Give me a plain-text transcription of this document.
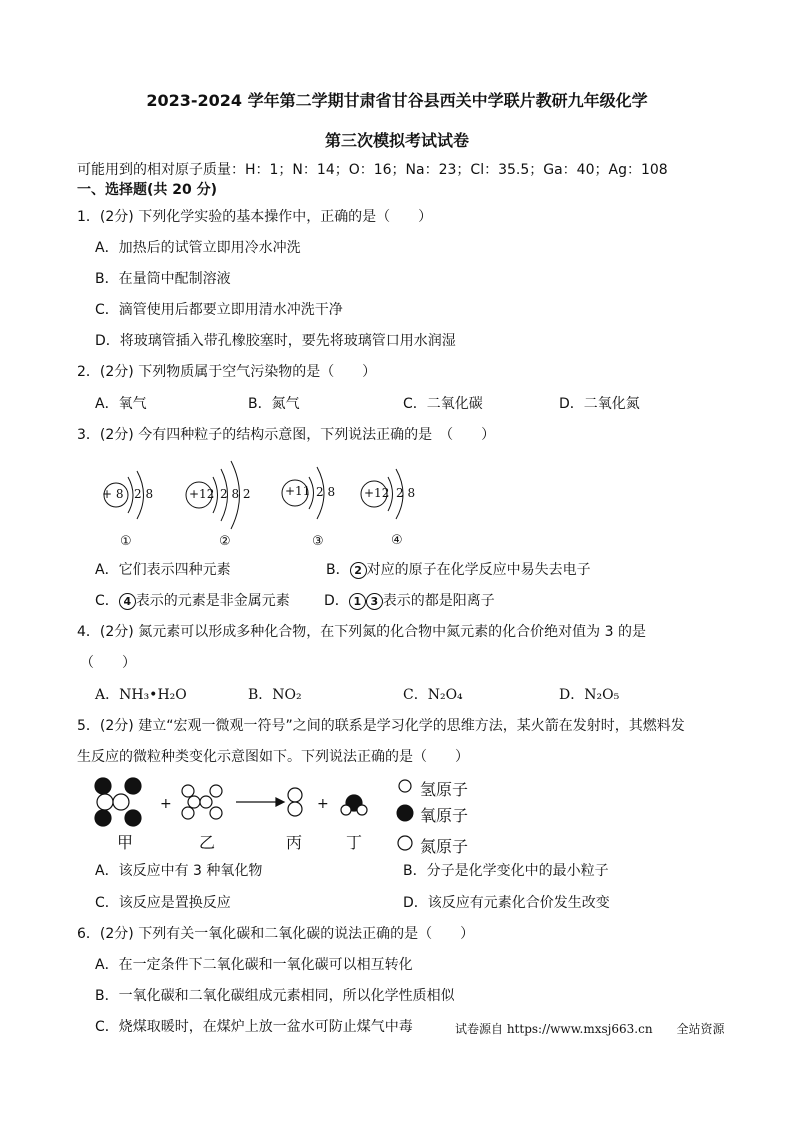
2023-2024 学年第二学期甘肃省甘谷县西关中学联片教研九年级化学
第三次模拟考试试卷
可能用到的相对原子质量：H：1；N：14；O：16；Na：23；Cl：35.5；Ga：40；Ag：108
一、选择题(共 20 分)
1．(2分) 下列化学实验的基本操作中，正确的是（　　）
A．加热后的试管立即用冷水冲洗
B．在量筒中配制溶液
C．滴管使用后都要立即用清水冲洗干净
D．将玻璃管插入带孔橡胶塞时，要先将玻璃管口用水润湿
2．(2分) 下列物质属于空气污染物的是（　　）
A．氧气	B．氮气	C．二氧化碳	D．二氧化氮
3．(2分) 今有四种粒子的结构示意图，下列说法正确的是　（　　）
+ 8 2 8
①
+12 2 8 2
②
+11 2 8
③
+12 2 8
④
A．它们表示四种元素	B． 2 对应的原子在化学反应中易失去电子
C． 4 表示的元素是非金属元素 D． 1 3 表示的都是阳离子
4．(2分) 氮元素可以形成多种化合物，在下列氮的化合物中氮元素的化合价绝对值为 3 的是
（　　）
A．NH₃•H₂O	B．NO₂	C．N₂O₄	D．N₂O₅
5．(2分) 建立“宏观一微观一符号”之间的联系是学习化学的思维方法，某火箭在发射时，其燃料发
生反应的微粒种类变化示意图如下。下列说法正确的是（　　）
+	+
甲	乙	丙	丁
氢原子
氧原子
氮原子
A．该反应中有 3 种氧化物	B．分子是化学变化中的最小粒子
C．该反应是置换反应	D．该反应有元素化合价发生改变
6．(2分) 下列有关一氧化碳和二氧化碳的说法正确的是（　　）
A．在一定条件下二氧化碳和一氧化碳可以相互转化
B．一氧化碳和二氧化碳组成元素相同，所以化学性质相似
C．烧煤取暖时，在煤炉上放一盆水可防止煤气中毒	试卷源自 https://www.mxsj663.cn　　全站资源
